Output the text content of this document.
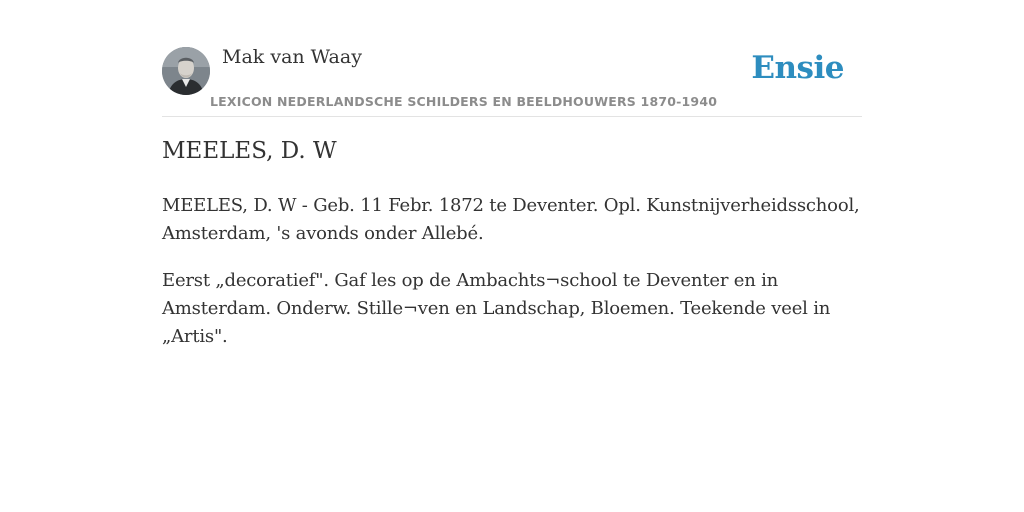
Mak van Waay
LEXICON NEDERLANDSCHE SCHILDERS EN BEELDHOUWERS 1870-1940
Ensie
MEELES, D. W

MEELES, D. W - Geb. 11 Febr. 1872 te Deventer. Opl. Kunstnijverheidsschool, Amsterdam, 's avonds onder Allebé.

Eerst „decoratief". Gaf les op de Ambachts¬school te Deventer en in Amsterdam. Onderw. Stille¬ven en Landschap, Bloemen. Teekende veel in „Artis".
